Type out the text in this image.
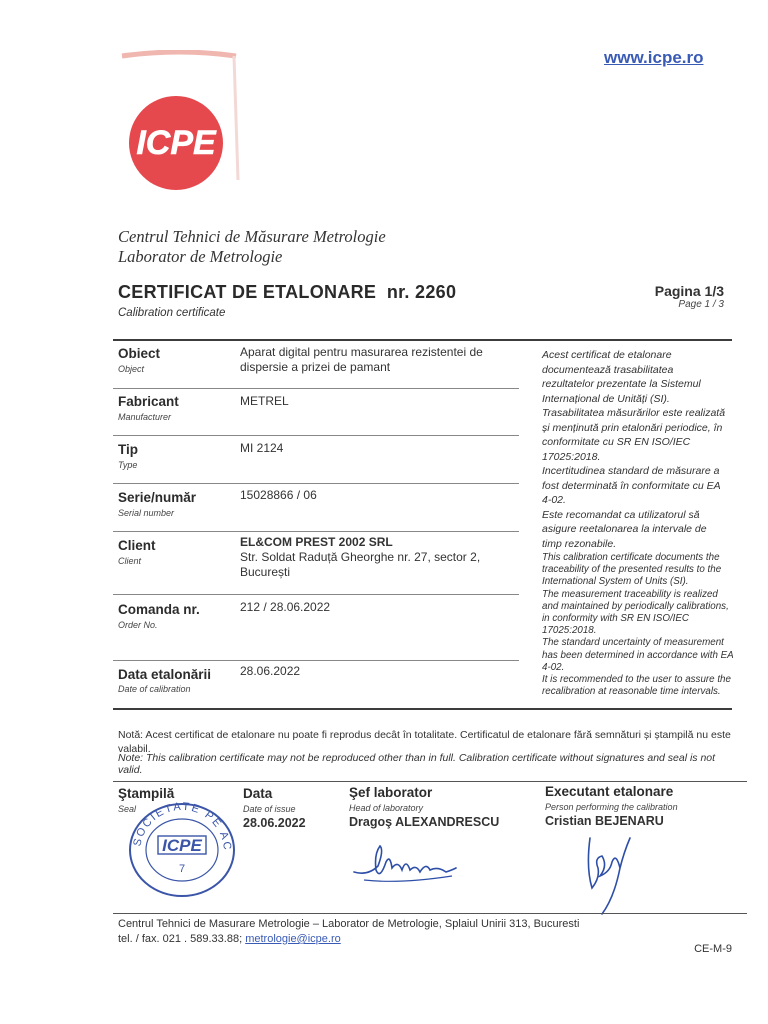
www.icpe.ro
ICPE
Centrul Tehnici de Măsurare Metrologie
Laborator de Metrologie
CERTIFICAT DE ETALONARE  nr. 2260
Calibration certificate
Pagina 1/3
Page 1 / 3
Obiect
Object
Aparat digital pentru masurarea rezistentei de
dispersie a prizei de pamant
Fabricant
Manufacturer
METREL
Tip
Type
MI 2124
Serie/număr
Serial number
15028866 / 06
Client
Client
EL&COM PREST 2002 SRL
Str. Soldat Raduță Gheorghe nr. 27, sector 2,
București
Comanda nr.
Order No.
212 / 28.06.2022
Data etalonării
Date of calibration
28.06.2022
Acest certificat de etalonare
documentează trasabilitatea
rezultatelor prezentate la Sistemul
Internațional de Unități (SI).
Trasabilitatea măsurărilor este realizată
și menținută prin etalonări periodice, în
conformitate cu SR EN ISO/IEC
17025:2018.
Incertitudinea standard de măsurare a
fost determinată în conformitate cu EA
4-02.
Este recomandat ca utilizatorul să
asigure reetalonarea la intervale de
timp rezonabile.
This calibration certificate documents the
traceability of the presented results to the
International System of Units (SI).
The measurement traceability is realized
and maintained by periodically calibrations,
in conformity with SR EN ISO/IEC
17025:2018.
The standard uncertainty of measurement
has been determined in accordance with EA
4-02.
It is recommended to the user to assure the
recalibration at reasonable time intervals.
Notă: Acest certificat de etalonare nu poate fi reprodus decât în totalitate. Certificatul de etalonare fără semnături și ștampilă nu este valabil.
Note: This calibration certificate may not be reproduced other than in full. Calibration certificate without signatures and seal is not valid.
Ştampilă
Seal
Data
Date of issue
28.06.2022
Şef laborator
Head of laboratory
Dragoş ALEXANDRESCU
Executant etalonare
Person performing the calibration
Cristian BEJENARU
SOCIETATE PE AC
ICPE
7
Centrul Tehnici de Masurare Metrologie – Laborator de Metrologie, Splaiul Unirii 313, Bucuresti
tel. / fax. 021 . 589.33.88; metrologie@icpe.ro
CE-M-9
